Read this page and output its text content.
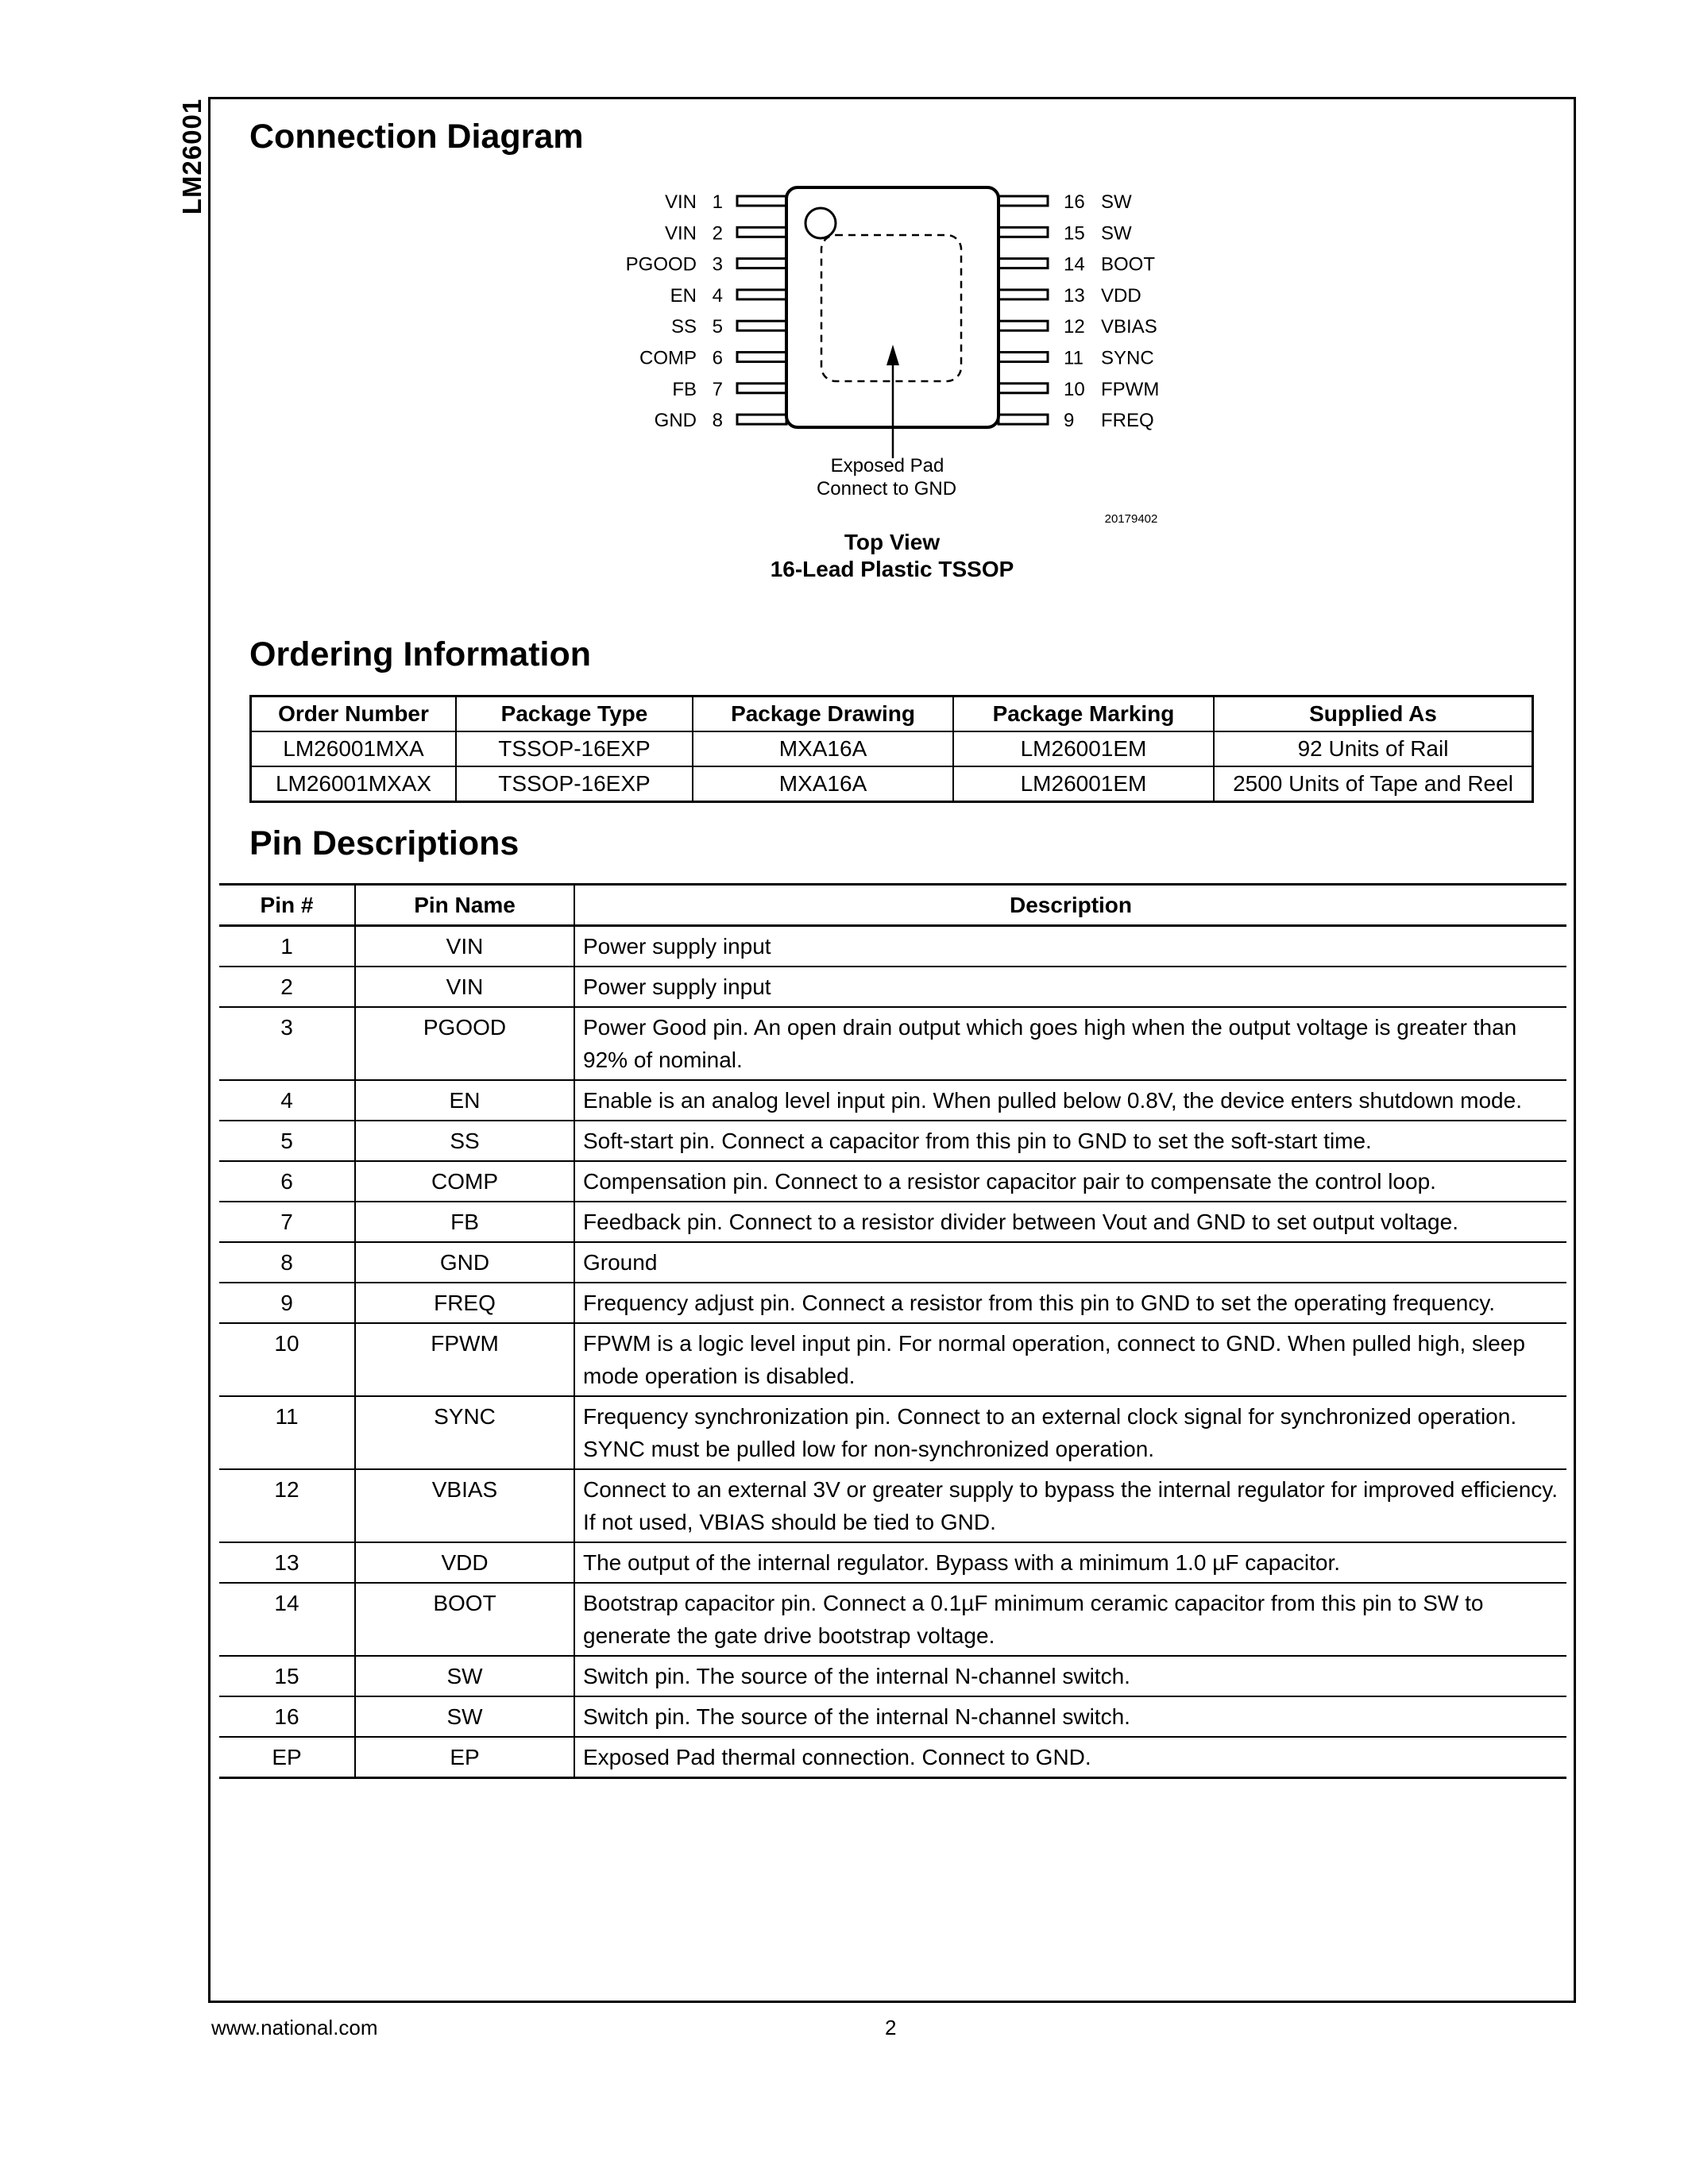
LM26001 Connection Diagram
1
VIN
2
VIN
3
PGOOD
4
EN
5
SS
6
COMP
7
FB
8
GND
16 SW
15 SW
14 BOOT
13 VDD
12 VBIAS
11 SYNC
10 FPWM
9 FREQ
Exposed Pad
Connect to GND
20179402
Top View
16-Lead Plastic TSSOP
Ordering Information
Order Number	Package Type	Package Drawing	Package Marking	Supplied As
LM26001MXA	TSSOP-16EXP	MXA16A	LM26001EM	92 Units of Rail
LM26001MXAX	TSSOP-16EXP	MXA16A	LM26001EM	2500 Units of Tape and Reel
Pin Descriptions
Pin #	Pin Name	Description
1	VIN	Power supply input
2	VIN	Power supply input
3	PGOOD	Power Good pin. An open drain output which goes high when the output voltage is greater than 92% of nominal.
4	EN	Enable is an analog level input pin. When pulled below 0.8V, the device enters shutdown mode.
5	SS	Soft-start pin. Connect a capacitor from this pin to GND to set the soft-start time.
6	COMP	Compensation pin. Connect to a resistor capacitor pair to compensate the control loop.
7	FB	Feedback pin. Connect to a resistor divider between Vout and GND to set output voltage.
8	GND	Ground
9	FREQ	Frequency adjust pin. Connect a resistor from this pin to GND to set the operating frequency.
10	FPWM	FPWM is a logic level input pin. For normal operation, connect to GND. When pulled high, sleep mode operation is disabled.
11	SYNC	Frequency synchronization pin. Connect to an external clock signal for synchronized operation. SYNC must be pulled low for non-synchronized operation.
12	VBIAS	Connect to an external 3V or greater supply to bypass the internal regulator for improved efficiency. If not used, VBIAS should be tied to GND.
13	VDD	The output of the internal regulator. Bypass with a minimum 1.0 µF capacitor.
14	BOOT	Bootstrap capacitor pin. Connect a 0.1µF minimum ceramic capacitor from this pin to SW to generate the gate drive bootstrap voltage.
15	SW	Switch pin. The source of the internal N-channel switch.
16	SW	Switch pin. The source of the internal N-channel switch.
EP	EP	Exposed Pad thermal connection. Connect to GND.
www.national.com	2
